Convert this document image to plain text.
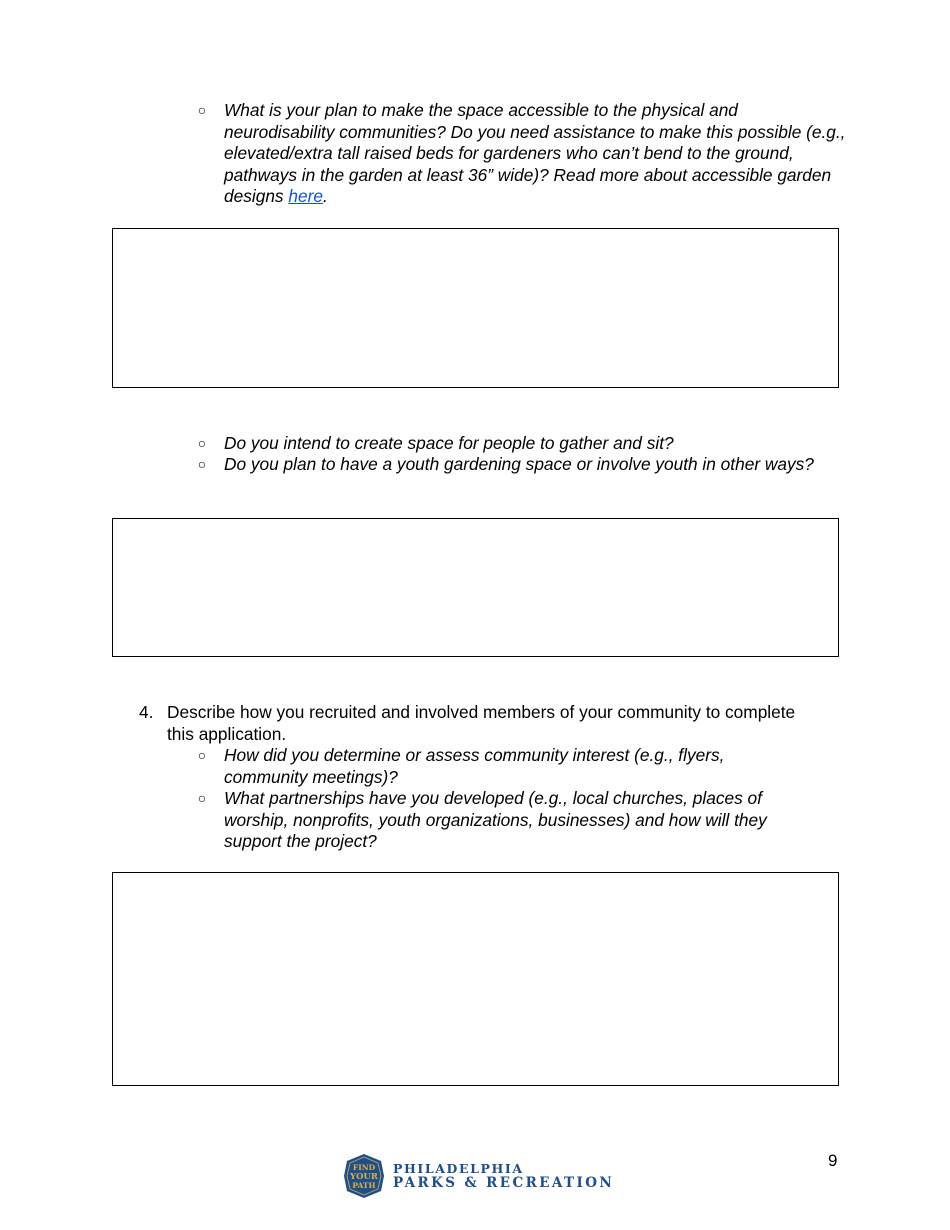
○	What is your plan to make the space accessible to the physical and neurodisability communities? Do you need assistance to make this possible (e.g., elevated/extra tall raised beds for gardeners who can’t bend to the ground, pathways in the garden at least 36” wide)? Read more about accessible garden designs here.
○	Do you intend to create space for people to gather and sit?
○	Do you plan to have a youth gardening space or involve youth in other ways?
4. Describe how you recruited and involved members of your community to complete this application.
○	How did you determine or assess community interest (e.g., flyers, community meetings)?
○	What partnerships have you developed (e.g., local churches, places of worship, nonprofits, youth organizations, businesses) and how will they support the project?
FIND
YOUR
PATH
PHILADELPHIA
PARKS & RECREATION
9
